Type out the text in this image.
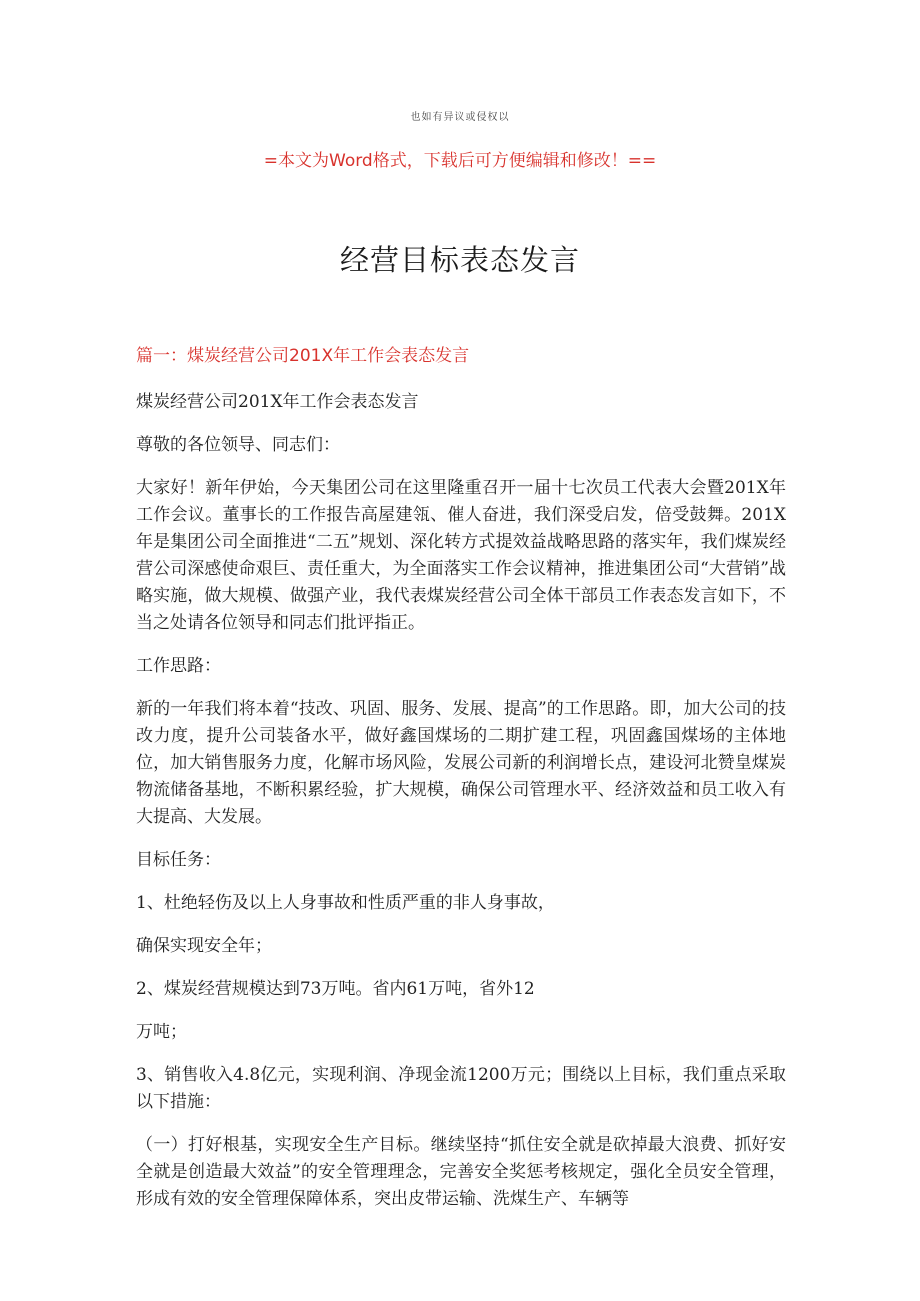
也如有异议或侵权以
=本文为Word格式，下载后可方便编辑和修改！==
经营目标表态发言
篇一：煤炭经营公司201X年工作会表态发言

煤炭经营公司201X年工作会表态发言

尊敬的各位领导、同志们：

大家好！新年伊始，今天集团公司在这里隆重召开一届十七次员工代表大会暨201X年工作会议。董事长的工作报告高屋建瓴、催人奋进，我们深受启发，倍受鼓舞。201X年是集团公司全面推进“二五”规划、深化转方式提效益战略思路的落实年，我们煤炭经营公司深感使命艰巨、责任重大，为全面落实工作会议精神，推进集团公司“大营销”战略实施，做大规模、做强产业，我代表煤炭经营公司全体干部员工作表态发言如下，不当之处请各位领导和同志们批评指正。

工作思路：

新的一年我们将本着“技改、巩固、服务、发展、提高”的工作思路。即，加大公司的技改力度，提升公司装备水平，做好鑫国煤场的二期扩建工程，巩固鑫国煤场的主体地位，加大销售服务力度，化解市场风险，发展公司新的利润增长点，建设河北赞皇煤炭物流储备基地，不断积累经验，扩大规模，确保公司管理水平、经济效益和员工收入有大提高、大发展。

目标任务：

1、杜绝轻伤及以上人身事故和性质严重的非人身事故，

确保实现安全年；

2、煤炭经营规模达到73万吨。省内61万吨，省外12

万吨；

3、销售收入4.8亿元，实现利润、净现金流1200万元；围绕以上目标，我们重点采取以下措施：

（一）打好根基，实现安全生产目标。继续坚持“抓住安全就是砍掉最大浪费、抓好安全就是创造最大效益”的安全管理理念，完善安全奖惩考核规定，强化全员安全管理，形成有效的安全管理保障体系，突出皮带运输、洗煤生产、车辆等
